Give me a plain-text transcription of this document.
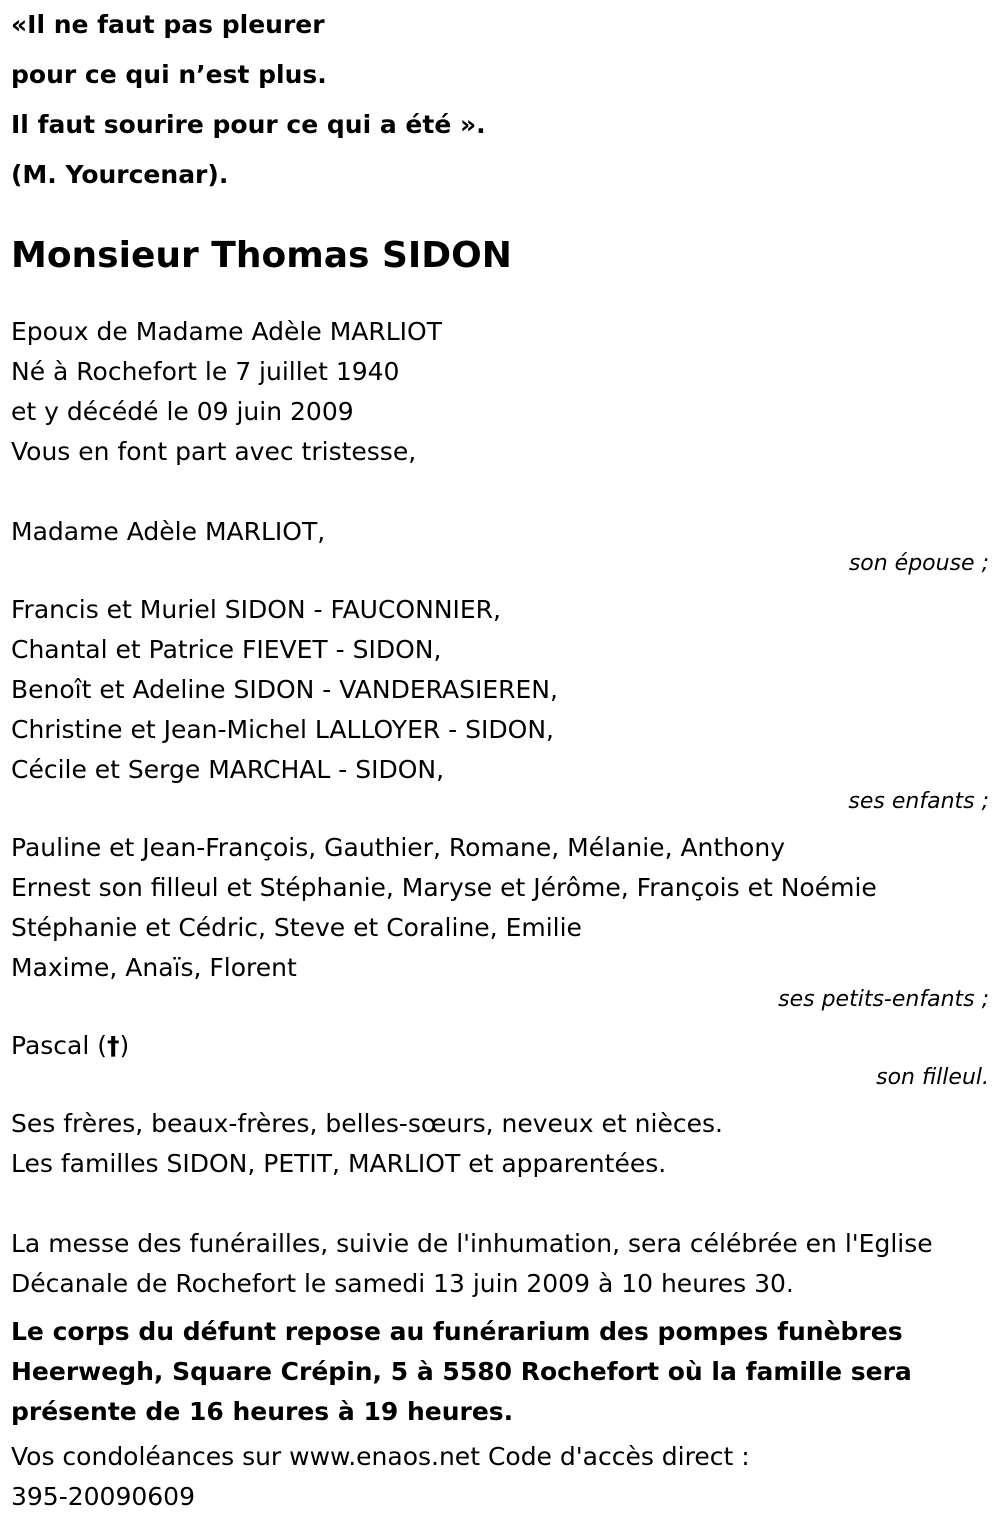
«Il ne faut pas pleurer
pour ce qui n’est plus.
Il faut sourire pour ce qui a été ».
(M. Yourcenar).
Monsieur Thomas SIDON
Epoux de Madame Adèle MARLIOT
Né à Rochefort le 7 juillet 1940
et y décédé le 09 juin 2009
Vous en font part avec tristesse,
Madame Adèle MARLIOT,
son épouse ;
Francis et Muriel SIDON - FAUCONNIER,
Chantal et Patrice FIEVET - SIDON,
Benoît et Adeline SIDON - VANDERASIEREN,
Christine et Jean-Michel LALLOYER - SIDON,
Cécile et Serge MARCHAL - SIDON,
ses enfants ;
Pauline et Jean-François, Gauthier, Romane, Mélanie, Anthony
Ernest son filleul et Stéphanie, Maryse et Jérôme, François et Noémie
Stéphanie et Cédric, Steve et Coraline, Emilie
Maxime, Anaïs, Florent
ses petits-enfants ;
Pascal (†)
son filleul.
Ses frères, beaux-frères, belles-sœurs, neveux et nièces.
Les familles SIDON, PETIT, MARLIOT et apparentées.
La messe des funérailles, suivie de l'inhumation, sera célébrée en l'Eglise
Décanale de Rochefort le samedi 13 juin 2009 à 10 heures 30.
Le corps du défunt repose au funérarium des pompes funèbres
Heerwegh, Square Crépin, 5 à 5580 Rochefort où la famille sera
présente de 16 heures à 19 heures.
Vos condoléances sur www.enaos.net Code d'accès direct :
395-20090609
